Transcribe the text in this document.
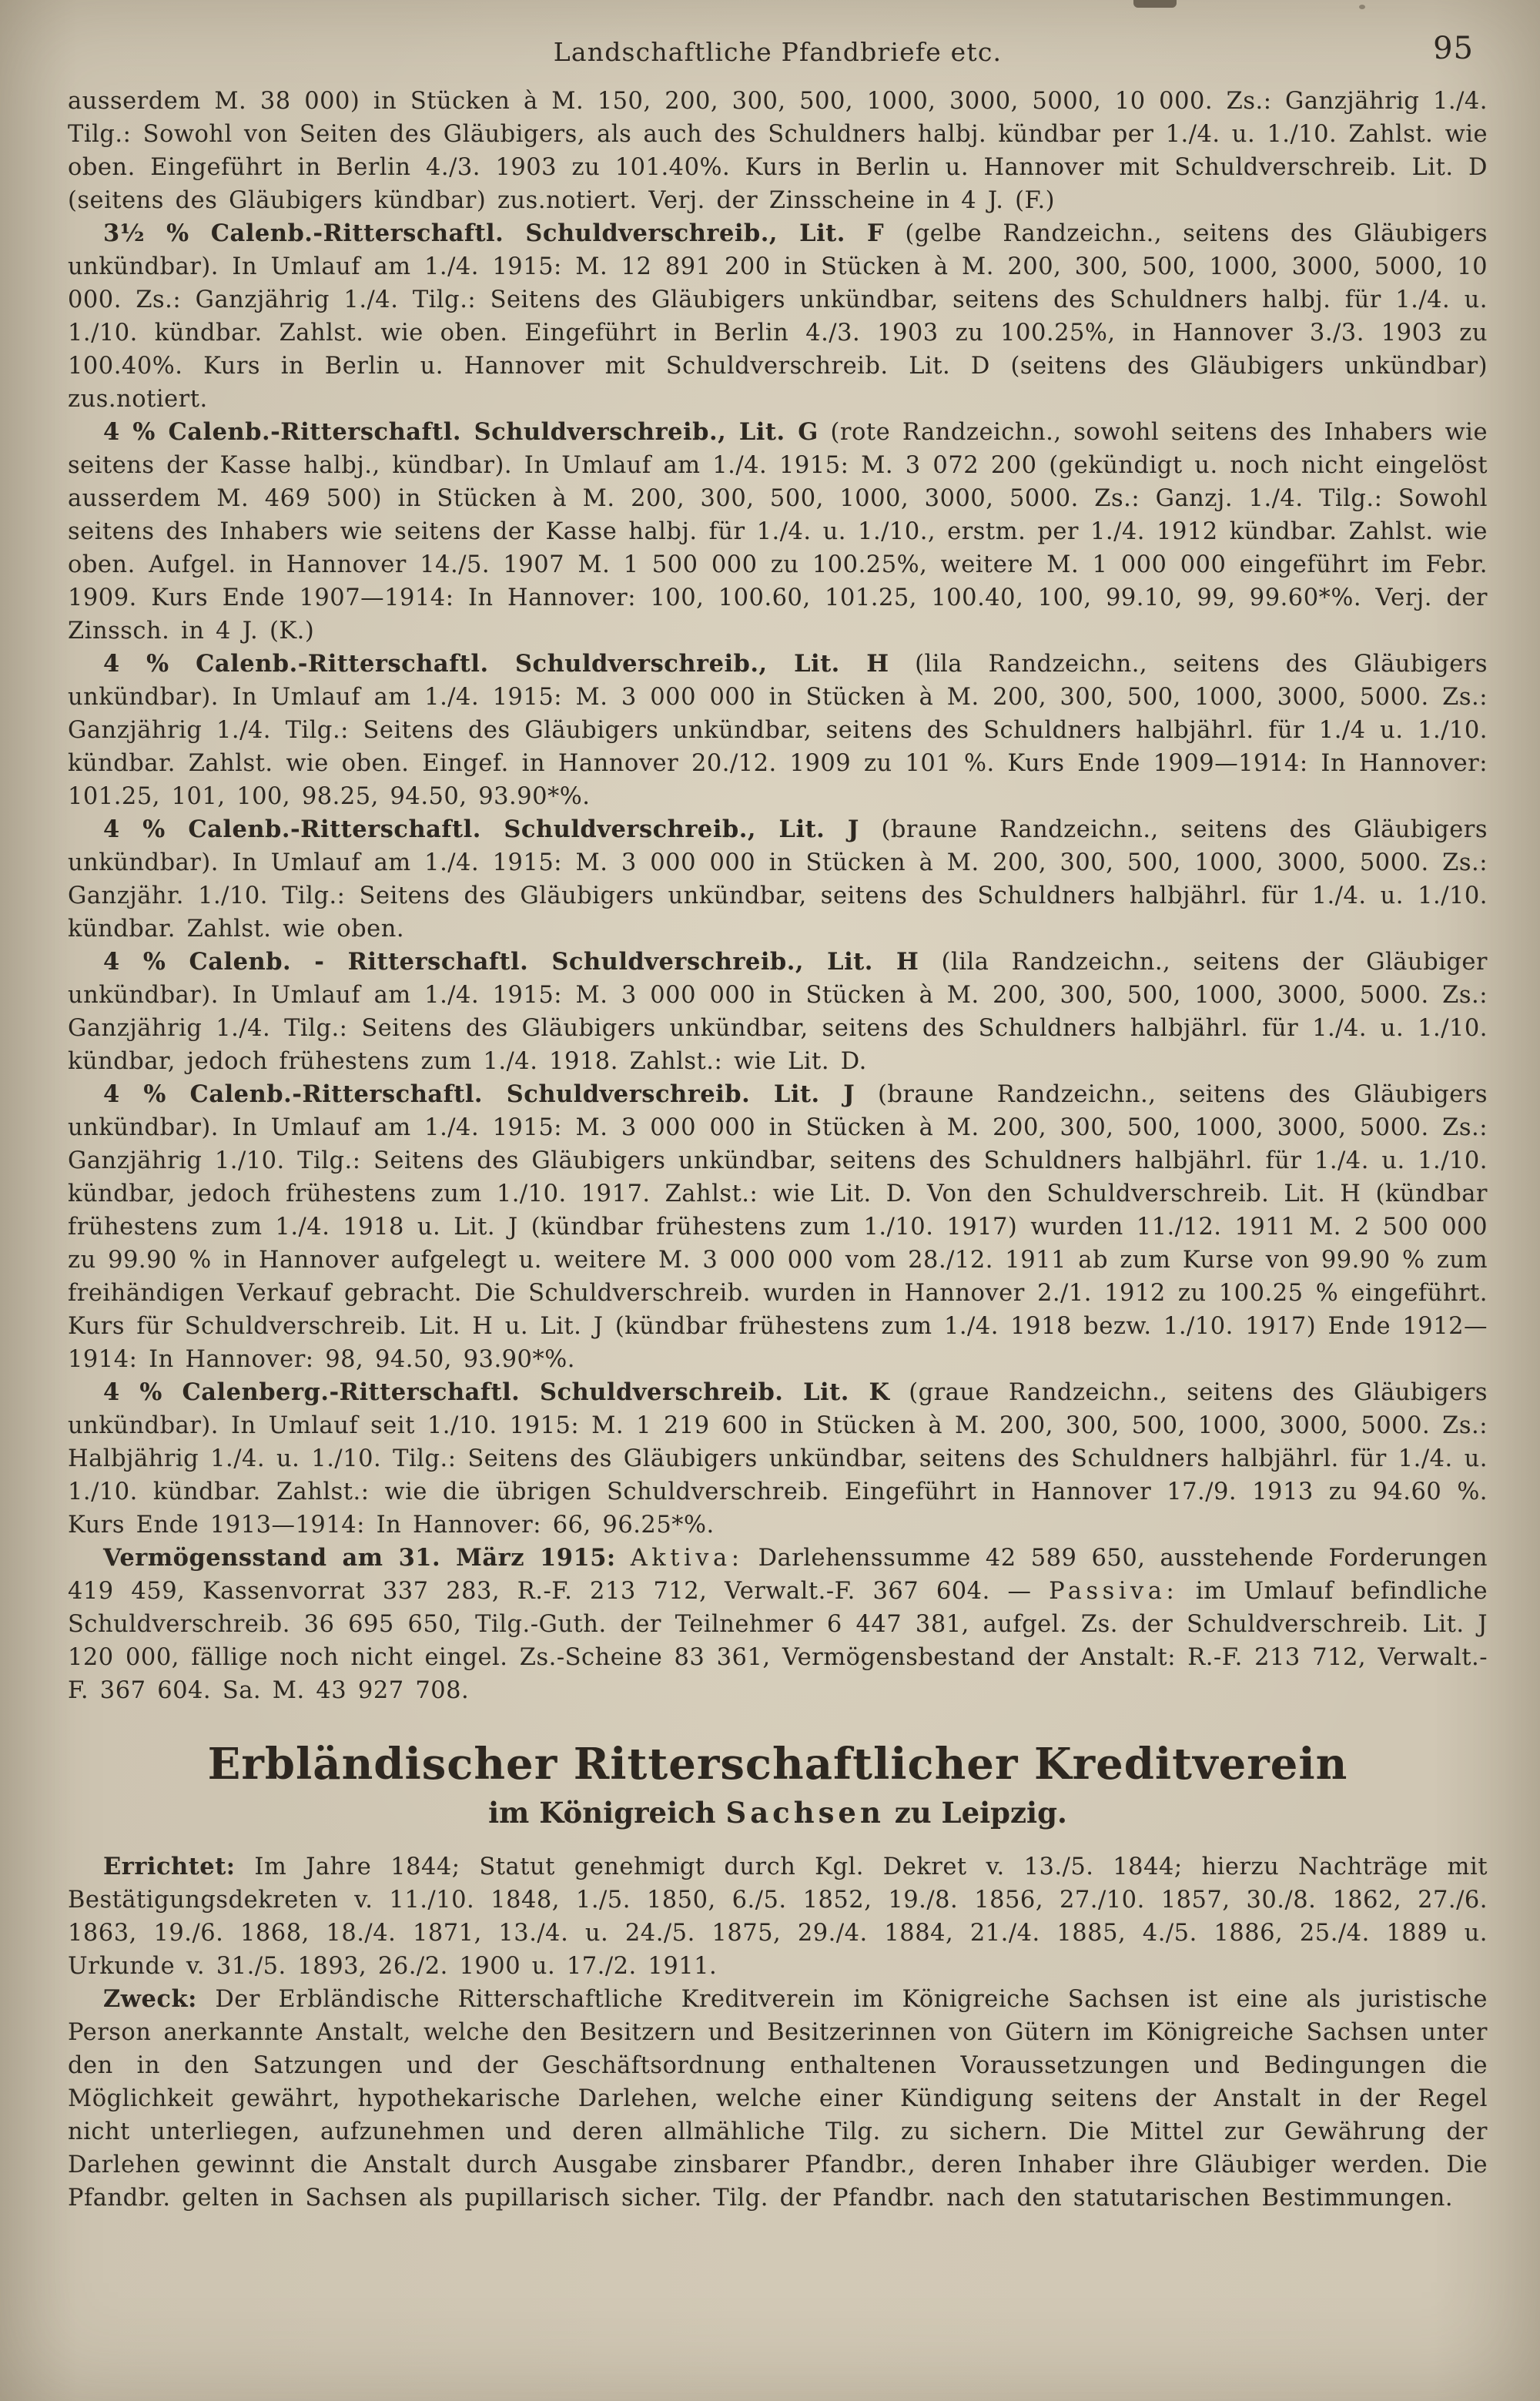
Landschaftliche Pfandbriefe etc.	95

ausserdem M. 38 000) in Stücken à M. 150, 200, 300, 500, 1000, 3000, 5000, 10 000. Zs.: Ganzjährig 1./4. Tilg.: Sowohl von Seiten des Gläubigers, als auch des Schuldners halbj. kündbar per 1./4. u. 1./10. Zahlst. wie oben. Eingeführt in Berlin 4./3. 1903 zu 101.40%. Kurs in Berlin u. Hannover mit Schuldverschreib. Lit. D (seitens des Gläubigers kündbar) zus.notiert. Verj. der Zinsscheine in 4 J. (F.)

3½ % Calenb.-Ritterschaftl. Schuldverschreib., Lit. F (gelbe Randzeichn., seitens des Gläubigers unkündbar). In Umlauf am 1./4. 1915: M. 12 891 200 in Stücken à M. 200, 300, 500, 1000, 3000, 5000, 10 000. Zs.: Ganzjährig 1./4. Tilg.: Seitens des Gläubigers unkündbar, seitens des Schuldners halbj. für 1./4. u. 1./10. kündbar. Zahlst. wie oben. Eingeführt in Berlin 4./3. 1903 zu 100.25%, in Hannover 3./3. 1903 zu 100.40%. Kurs in Berlin u. Hannover mit Schuldverschreib. Lit. D (seitens des Gläubigers unkündbar) zus.notiert.

4 % Calenb.-Ritterschaftl. Schuldverschreib., Lit. G (rote Randzeichn., sowohl seitens des Inhabers wie seitens der Kasse halbj., kündbar). In Umlauf am 1./4. 1915: M. 3 072 200 (gekündigt u. noch nicht eingelöst ausserdem M. 469 500) in Stücken à M. 200, 300, 500, 1000, 3000, 5000. Zs.: Ganzj. 1./4. Tilg.: Sowohl seitens des Inhabers wie seitens der Kasse halbj. für 1./4. u. 1./10., erstm. per 1./4. 1912 kündbar. Zahlst. wie oben. Aufgel. in Hannover 14./5. 1907 M. 1 500 000 zu 100.25%, weitere M. 1 000 000 eingeführt im Febr. 1909. Kurs Ende 1907—1914: In Hannover: 100, 100.60, 101.25, 100.40, 100, 99.10, 99, 99.60*%. Verj. der Zinssch. in 4 J. (K.)

4 % Calenb.-Ritterschaftl. Schuldverschreib., Lit. H (lila Randzeichn., seitens des Gläubigers unkündbar). In Umlauf am 1./4. 1915: M. 3 000 000 in Stücken à M. 200, 300, 500, 1000, 3000, 5000. Zs.: Ganzjährig 1./4. Tilg.: Seitens des Gläubigers unkündbar, seitens des Schuldners halbjährl. für 1./4 u. 1./10. kündbar. Zahlst. wie oben. Eingef. in Hannover 20./12. 1909 zu 101 %. Kurs Ende 1909—1914: In Hannover: 101.25, 101, 100, 98.25, 94.50, 93.90*%.

4 % Calenb.-Ritterschaftl. Schuldverschreib., Lit. J (braune Randzeichn., seitens des Gläubigers unkündbar). In Umlauf am 1./4. 1915: M. 3 000 000 in Stücken à M. 200, 300, 500, 1000, 3000, 5000. Zs.: Ganzjähr. 1./10. Tilg.: Seitens des Gläubigers unkündbar, seitens des Schuldners halbjährl. für 1./4. u. 1./10. kündbar. Zahlst. wie oben.

4 % Calenb. - Ritterschaftl. Schuldverschreib., Lit. H (lila Randzeichn., seitens der Gläubiger unkündbar). In Umlauf am 1./4. 1915: M. 3 000 000 in Stücken à M. 200, 300, 500, 1000, 3000, 5000. Zs.: Ganzjährig 1./4. Tilg.: Seitens des Gläubigers unkündbar, seitens des Schuldners halbjährl. für 1./4. u. 1./10. kündbar, jedoch frühestens zum 1./4. 1918. Zahlst.: wie Lit. D.

4 % Calenb.-Ritterschaftl. Schuldverschreib. Lit. J (braune Randzeichn., seitens des Gläubigers unkündbar). In Umlauf am 1./4. 1915: M. 3 000 000 in Stücken à M. 200, 300, 500, 1000, 3000, 5000. Zs.: Ganzjährig 1./10. Tilg.: Seitens des Gläubigers unkündbar, seitens des Schuldners halbjährl. für 1./4. u. 1./10. kündbar, jedoch frühestens zum 1./10. 1917. Zahlst.: wie Lit. D. Von den Schuldverschreib. Lit. H (kündbar frühestens zum 1./4. 1918 u. Lit. J (kündbar frühestens zum 1./10. 1917) wurden 11./12. 1911 M. 2 500 000 zu 99.90 % in Hannover aufgelegt u. weitere M. 3 000 000 vom 28./12. 1911 ab zum Kurse von 99.90 % zum freihändigen Verkauf gebracht. Die Schuldverschreib. wurden in Hannover 2./1. 1912 zu 100.25 % eingeführt. Kurs für Schuldverschreib. Lit. H u. Lit. J (kündbar frühestens zum 1./4. 1918 bezw. 1./10. 1917) Ende 1912—1914: In Hannover: 98, 94.50, 93.90*%.

4 % Calenberg.-Ritterschaftl. Schuldverschreib. Lit. K (graue Randzeichn., seitens des Gläubigers unkündbar). In Umlauf seit 1./10. 1915: M. 1 219 600 in Stücken à M. 200, 300, 500, 1000, 3000, 5000. Zs.: Halbjährig 1./4. u. 1./10. Tilg.: Seitens des Gläubigers unkündbar, seitens des Schuldners halbjährl. für 1./4. u. 1./10. kündbar. Zahlst.: wie die übrigen Schuldverschreib. Eingeführt in Hannover 17./9. 1913 zu 94.60 %. Kurs Ende 1913—1914: In Hannover: 66, 96.25*%.

Vermögensstand am 31. März 1915: Aktiva: Darlehenssumme 42 589 650, ausstehende Forderungen 419 459, Kassenvorrat 337 283, R.-F. 213 712, Verwalt.-F. 367 604. — Passiva: im Umlauf befindliche Schuldverschreib. 36 695 650, Tilg.-Guth. der Teilnehmer 6 447 381, aufgel. Zs. der Schuldverschreib. Lit. J 120 000, fällige noch nicht eingel. Zs.-Scheine 83 361, Vermögensbestand der Anstalt: R.-F. 213 712, Verwalt.-F. 367 604. Sa. M. 43 927 708.

Erbländischer Ritterschaftlicher Kreditverein
im Königreich Sachsen zu Leipzig.

Errichtet: Im Jahre 1844; Statut genehmigt durch Kgl. Dekret v. 13./5. 1844; hierzu Nachträge mit Bestätigungsdekreten v. 11./10. 1848, 1./5. 1850, 6./5. 1852, 19./8. 1856, 27./10. 1857, 30./8. 1862, 27./6. 1863, 19./6. 1868, 18./4. 1871, 13./4. u. 24./5. 1875, 29./4. 1884, 21./4. 1885, 4./5. 1886, 25./4. 1889 u. Urkunde v. 31./5. 1893, 26./2. 1900 u. 17./2. 1911.

Zweck: Der Erbländische Ritterschaftliche Kreditverein im Königreiche Sachsen ist eine als juristische Person anerkannte Anstalt, welche den Besitzern und Besitzerinnen von Gütern im Königreiche Sachsen unter den in den Satzungen und der Geschäftsordnung enthaltenen Voraussetzungen und Bedingungen die Möglichkeit gewährt, hypothekarische Darlehen, welche einer Kündigung seitens der Anstalt in der Regel nicht unterliegen, aufzunehmen und deren allmähliche Tilg. zu sichern. Die Mittel zur Gewährung der Darlehen gewinnt die Anstalt durch Ausgabe zinsbarer Pfandbr., deren Inhaber ihre Gläubiger werden. Die Pfandbr. gelten in Sachsen als pupillarisch sicher. Tilg. der Pfandbr. nach den statutarischen Bestimmungen.
